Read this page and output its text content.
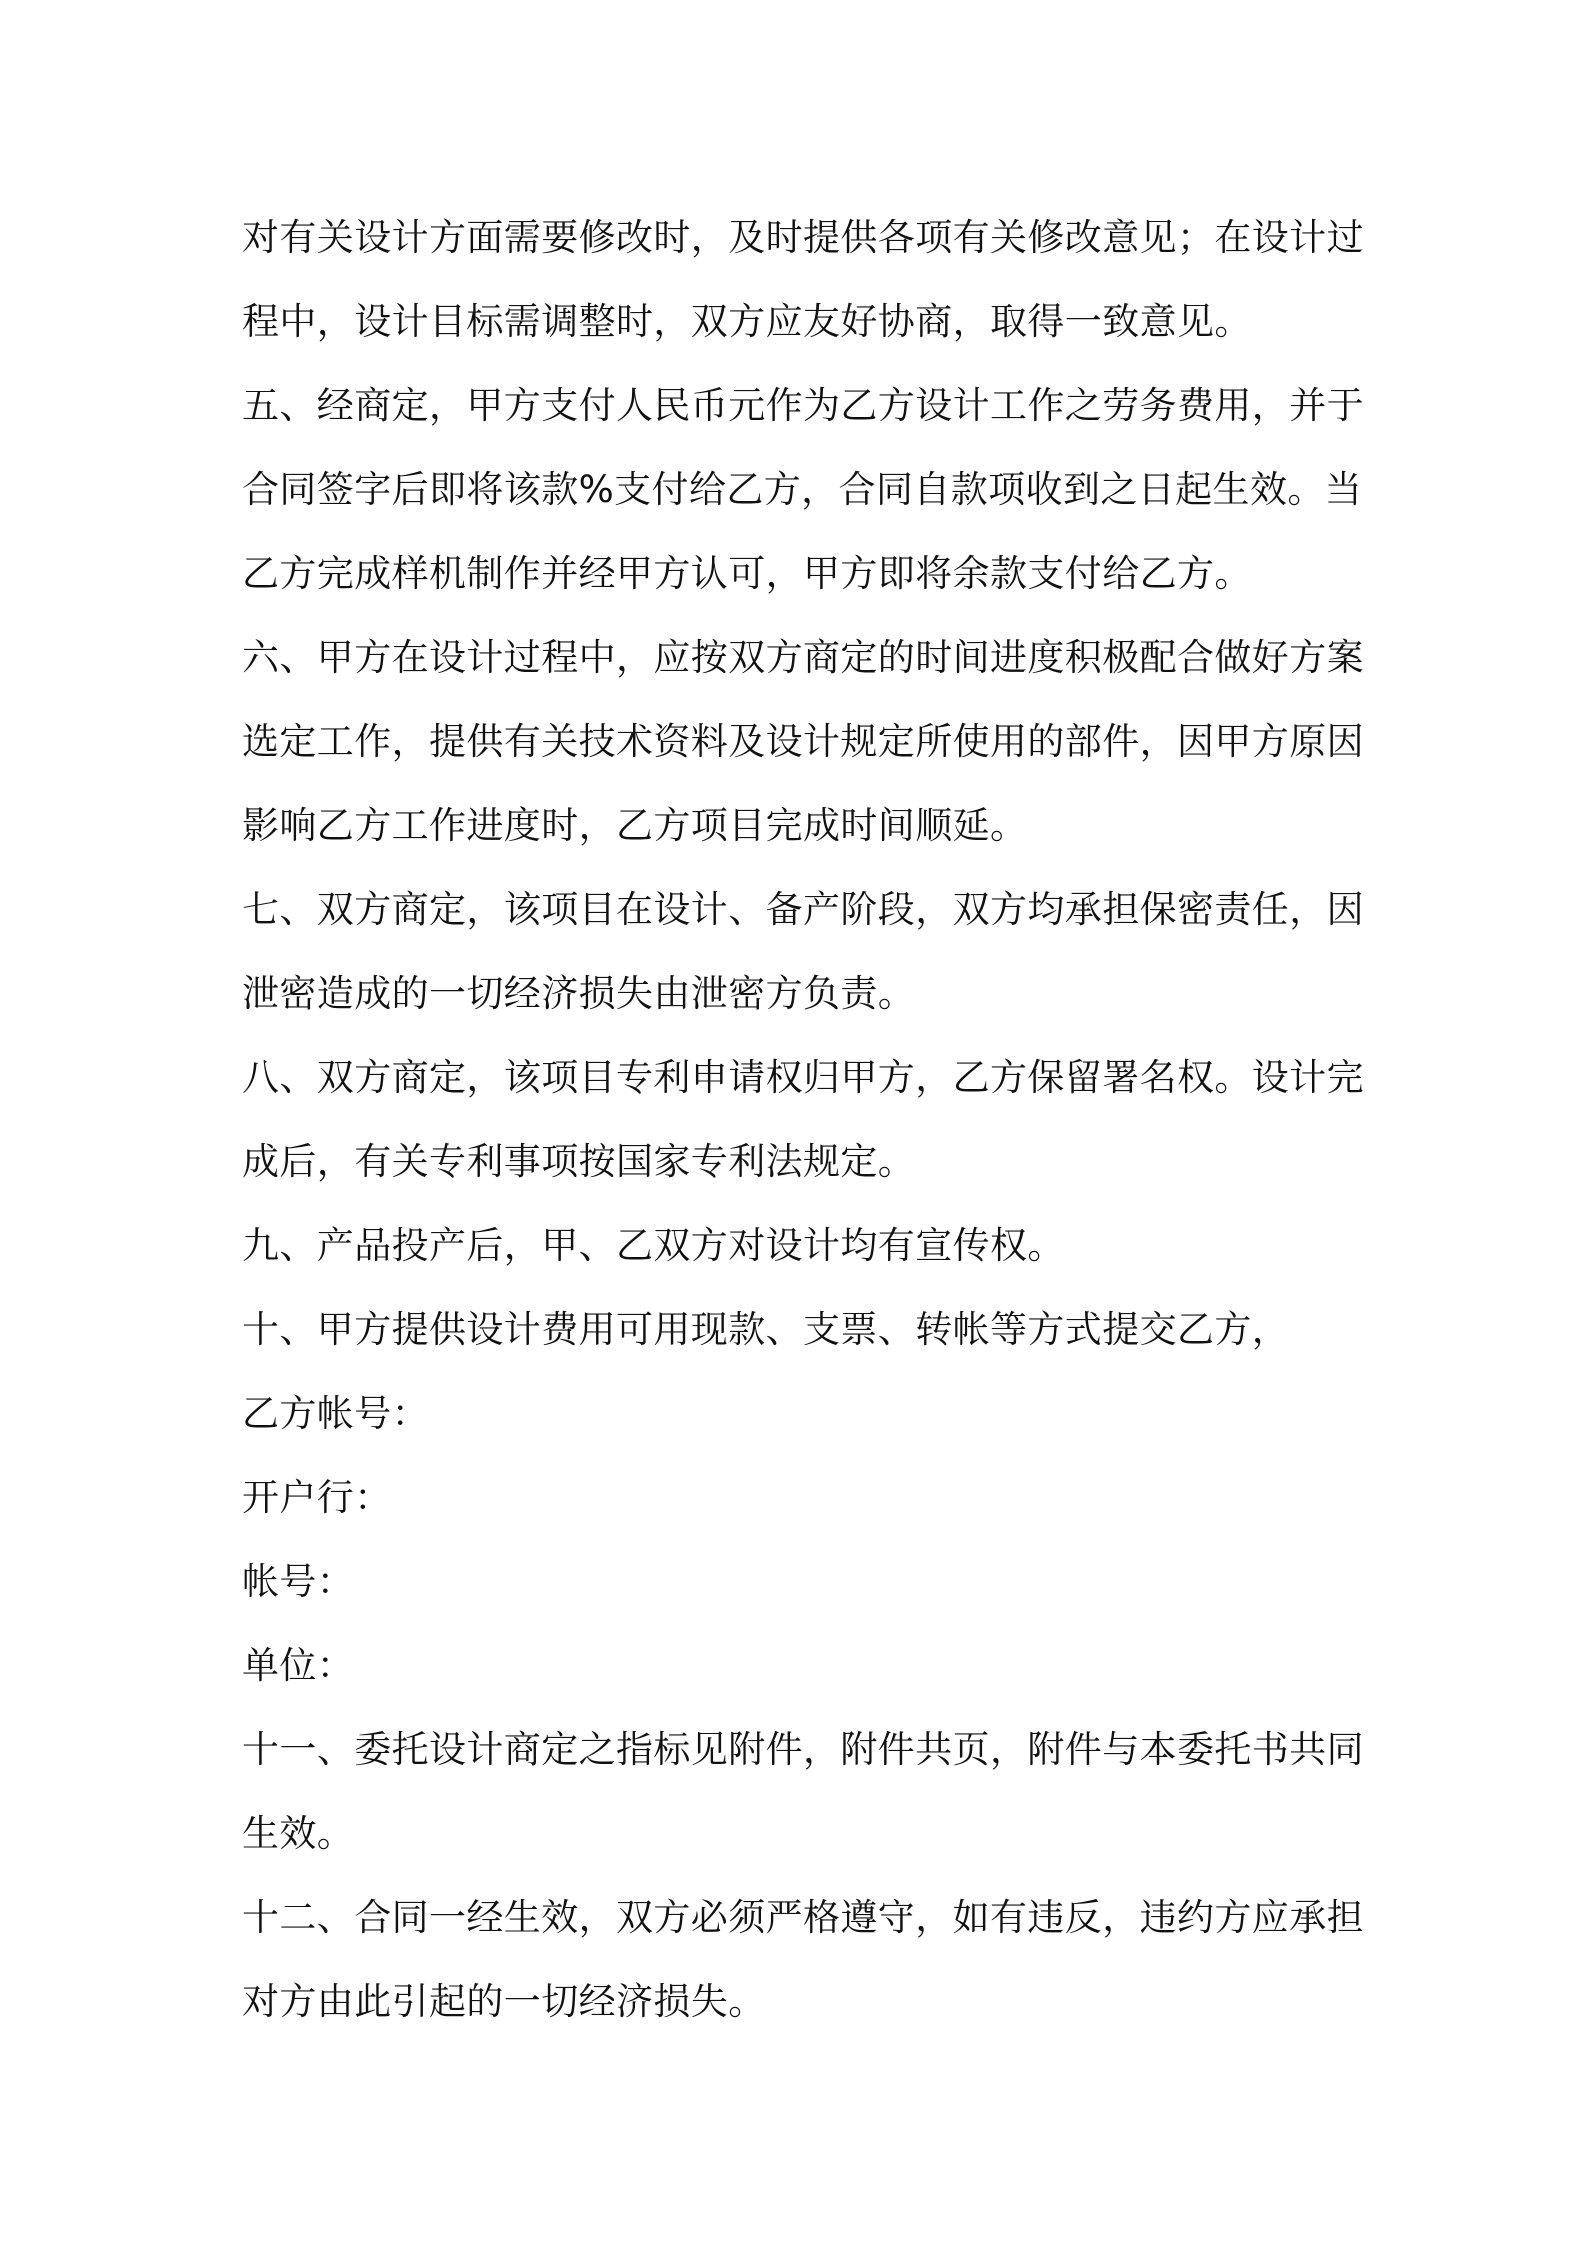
对有关设计方面需要修改时，及时提供各项有关修改意见；在设计过
程中，设计目标需调整时，双方应友好协商，取得一致意见。
五、经商定，甲方支付人民币元作为乙方设计工作之劳务费用，并于
合同签字后即将该款%支付给乙方，合同自款项收到之日起生效。当
乙方完成样机制作并经甲方认可，甲方即将余款支付给乙方。
六、甲方在设计过程中，应按双方商定的时间进度积极配合做好方案
选定工作，提供有关技术资料及设计规定所使用的部件，因甲方原因
影响乙方工作进度时，乙方项目完成时间顺延。
七、双方商定，该项目在设计、备产阶段，双方均承担保密责任，因
泄密造成的一切经济损失由泄密方负责。
八、双方商定，该项目专利申请权归甲方，乙方保留署名权。设计完
成后，有关专利事项按国家专利法规定。
九、产品投产后，甲、乙双方对设计均有宣传权。
十、甲方提供设计费用可用现款、支票、转帐等方式提交乙方，
乙方帐号：
开户行：
帐号：
单位：
十一、委托设计商定之指标见附件，附件共页，附件与本委托书共同
生效。
十二、合同一经生效，双方必须严格遵守，如有违反，违约方应承担
对方由此引起的一切经济损失。
